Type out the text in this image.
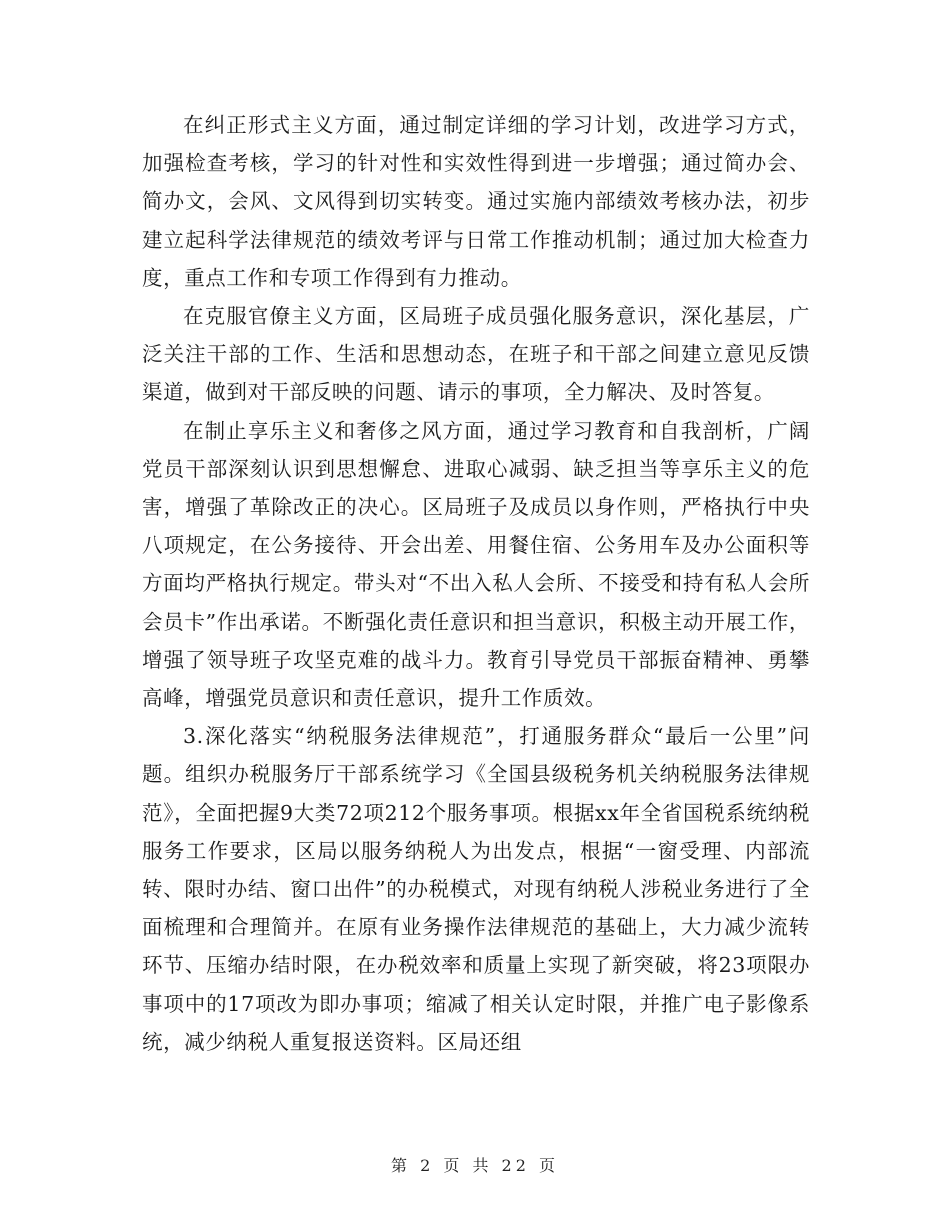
在纠正形式主义方面，通过制定详细的学习计划，改进学习方式，加强检查考核，学习的针对性和实效性得到进一步增强；通过简办会、简办文，会风、文风得到切实转变。通过实施内部绩效考核办法，初步建立起科学法律规范的绩效考评与日常工作推动机制；通过加大检查力度，重点工作和专项工作得到有力推动。

在克服官僚主义方面，区局班子成员强化服务意识，深化基层，广泛关注干部的工作、生活和思想动态，在班子和干部之间建立意见反馈渠道，做到对干部反映的问题、请示的事项，全力解决、及时答复。

在制止享乐主义和奢侈之风方面，通过学习教育和自我剖析，广阔党员干部深刻认识到思想懈怠、进取心减弱、缺乏担当等享乐主义的危害，增强了革除改正的决心。区局班子及成员以身作则，严格执行中央八项规定，在公务接待、开会出差、用餐住宿、公务用车及办公面积等方面均严格执行规定。带头对“不出入私人会所、不接受和持有私人会所会员卡”作出承诺。不断强化责任意识和担当意识，积极主动开展工作，增强了领导班子攻坚克难的战斗力。教育引导党员干部振奋精神、勇攀高峰，增强党员意识和责任意识，提升工作质效。

3.深化落实“纳税服务法律规范”，打通服务群众“最后一公里”问题。组织办税服务厅干部系统学习《全国县级税务机关纳税服务法律规范》，全面把握9大类72项212个服务事项。根据xx年全省国税系统纳税服务工作要求，区局以服务纳税人为出发点，根据“一窗受理、内部流转、限时办结、窗口出件”的办税模式，对现有纳税人涉税业务进行了全面梳理和合理简并。在原有业务操作法律规范的基础上，大力减少流转环节、压缩办结时限，在办税效率和质量上实现了新突破，将23项限办事项中的17项改为即办事项；缩减了相关认定时限，并推广电子影像系统，减少纳税人重复报送资料。区局还组

第 2 页 共 22 页
